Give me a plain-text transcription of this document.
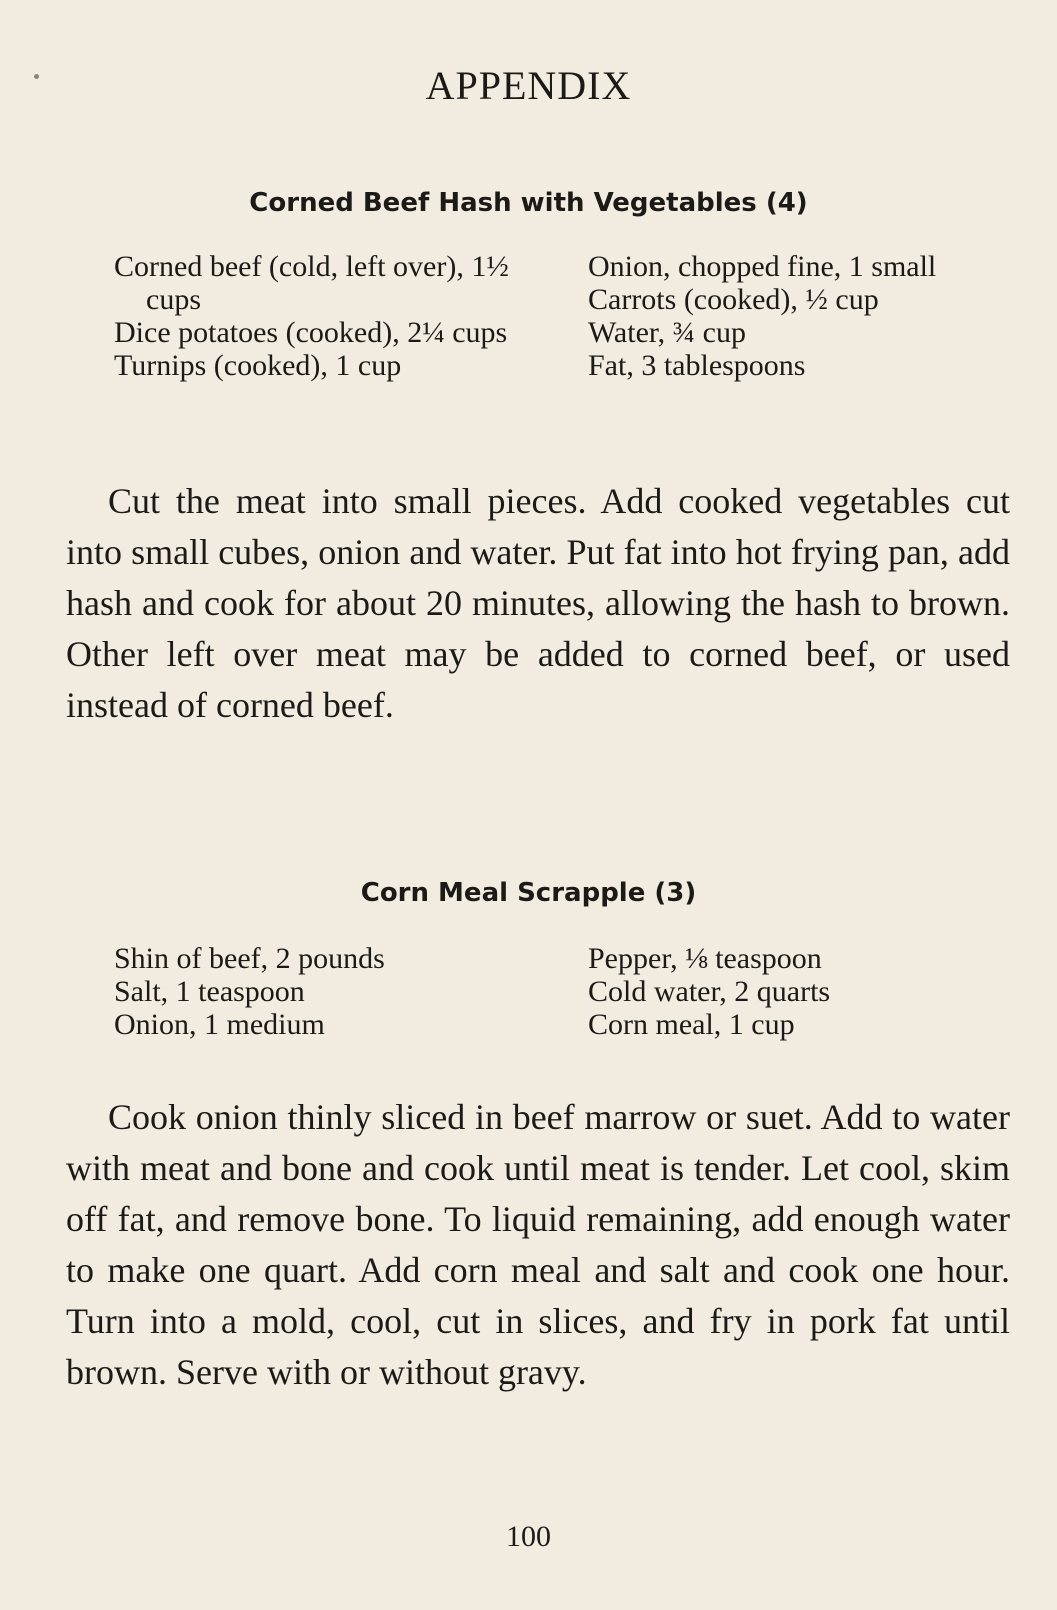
APPENDIX
Corned Beef Hash with Vegetables (4)
Corned beef (cold, left over), 1½ cups
Dice potatoes (cooked), 2¼ cups
Turnips (cooked), 1 cup
Onion, chopped fine, 1 small
Carrots (cooked), ½ cup
Water, ¾ cup
Fat, 3 tablespoons
Cut the meat into small pieces. Add cooked vegetables cut into small cubes, onion and water. Put fat into hot frying pan, add hash and cook for about 20 minutes, allowing the hash to brown. Other left over meat may be added to corned beef, or used instead of corned beef.
Corn Meal Scrapple (3)
Shin of beef, 2 pounds
Salt, 1 teaspoon
Onion, 1 medium
Pepper, ⅛ teaspoon
Cold water, 2 quarts
Corn meal, 1 cup
Cook onion thinly sliced in beef marrow or suet. Add to water with meat and bone and cook until meat is tender. Let cool, skim off fat, and remove bone. To liquid remaining, add enough water to make one quart. Add corn meal and salt and cook one hour. Turn into a mold, cool, cut in slices, and fry in pork fat until brown. Serve with or without gravy.
100
